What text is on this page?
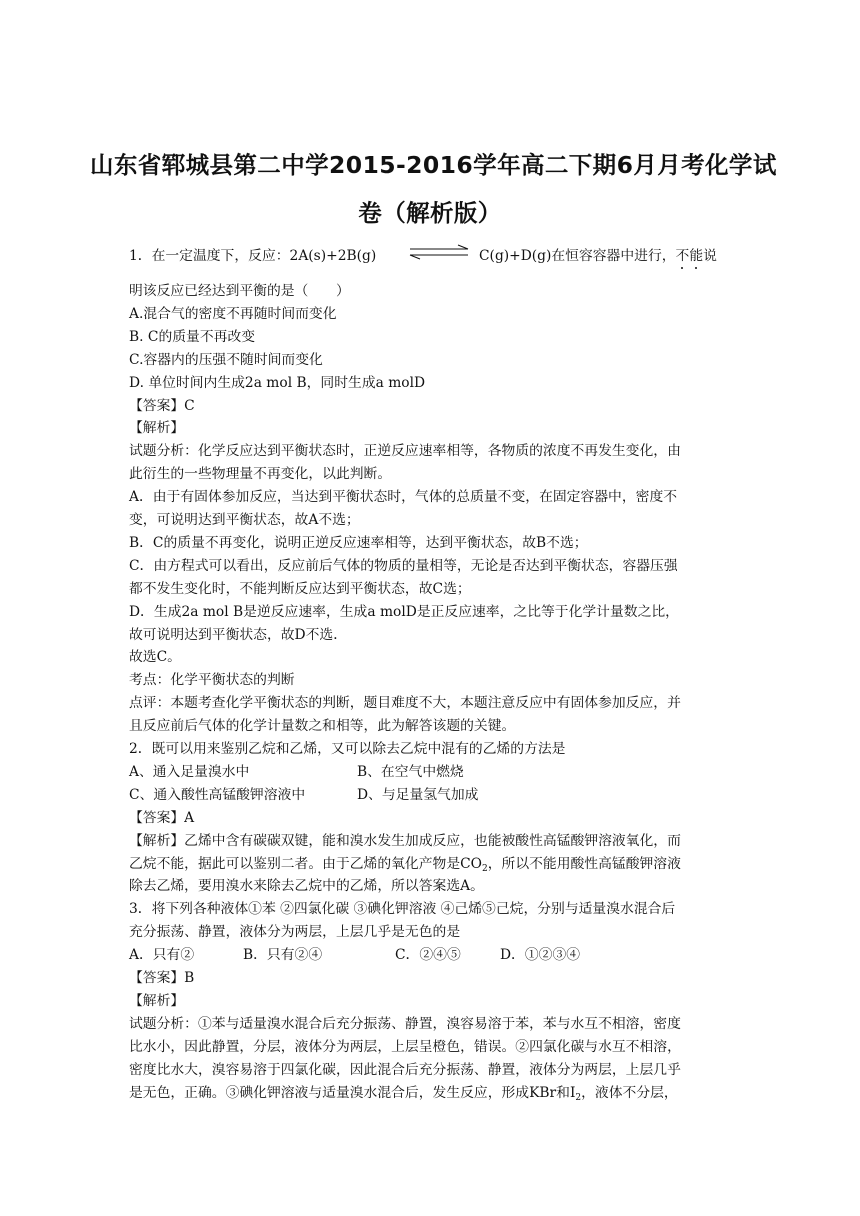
山东省郓城县第二中学2015-2016学年高二下期6月月考化学试
卷（解析版）
1．在一定温度下，反应：2A(s)+2B(g) ⇌ C(g)+D(g)在恒容容器中进行，不能说
明该反应已经达到平衡的是（　　）
A.混合气的密度不再随时间而变化
B. C的质量不再改变
C.容器内的压强不随时间而变化
D. 单位时间内生成2a mol B，同时生成a molD
【答案】C
【解析】
试题分析：化学反应达到平衡状态时，正逆反应速率相等，各物质的浓度不再发生变化，由
此衍生的一些物理量不再变化，以此判断。
A．由于有固体参加反应，当达到平衡状态时，气体的总质量不变，在固定容器中，密度不
变，可说明达到平衡状态，故A不选；
B．C的质量不再变化，说明正逆反应速率相等，达到平衡状态，故B不选；
C．由方程式可以看出，反应前后气体的物质的量相等，无论是否达到平衡状态，容器压强
都不发生变化时，不能判断反应达到平衡状态，故C选；
D．生成2a mol B是逆反应速率，生成a molD是正反应速率，之比等于化学计量数之比，
故可说明达到平衡状态，故D不选．
故选C。
考点：化学平衡状态的判断
点评：本题考查化学平衡状态的判断，题目难度不大，本题注意反应中有固体参加反应，并
且反应前后气体的化学计量数之和相等，此为解答该题的关键。
2．既可以用来鉴别乙烷和乙烯，又可以除去乙烷中混有的乙烯的方法是
A、通入足量溴水中	B、在空气中燃烧
C、通入酸性高锰酸钾溶液中	D、与足量氢气加成
【答案】A
【解析】乙烯中含有碳碳双键，能和溴水发生加成反应，也能被酸性高锰酸钾溶液氧化，而
乙烷不能，据此可以鉴别二者。由于乙烯的氧化产物是$CO_2$，所以不能用酸性高锰酸钾溶液
除去乙烯，要用溴水来除去乙烷中的乙烯，所以答案选A。
3．将下列各种液体①苯 ②四氯化碳 ③碘化钾溶液 ④己烯⑤己烷，分别与适量溴水混合后
充分振荡、静置，液体分为两层，上层几乎是无色的是
A．只有②	B．只有②④	C．②④⑤	D．①②③④
【答案】B
【解析】
试题分析：①苯与适量溴水混合后充分振荡、静置，溴容易溶于苯，苯与水互不相溶，密度
比水小，因此静置，分层，液体分为两层，上层呈橙色，错误。②四氯化碳与水互不相溶，
密度比水大，溴容易溶于四氯化碳，因此混合后充分振荡、静置，液体分为两层，上层几乎
是无色，正确。③碘化钾溶液与适量溴水混合后，发生反应，形成KBr和$I_2$，液体不分层，
